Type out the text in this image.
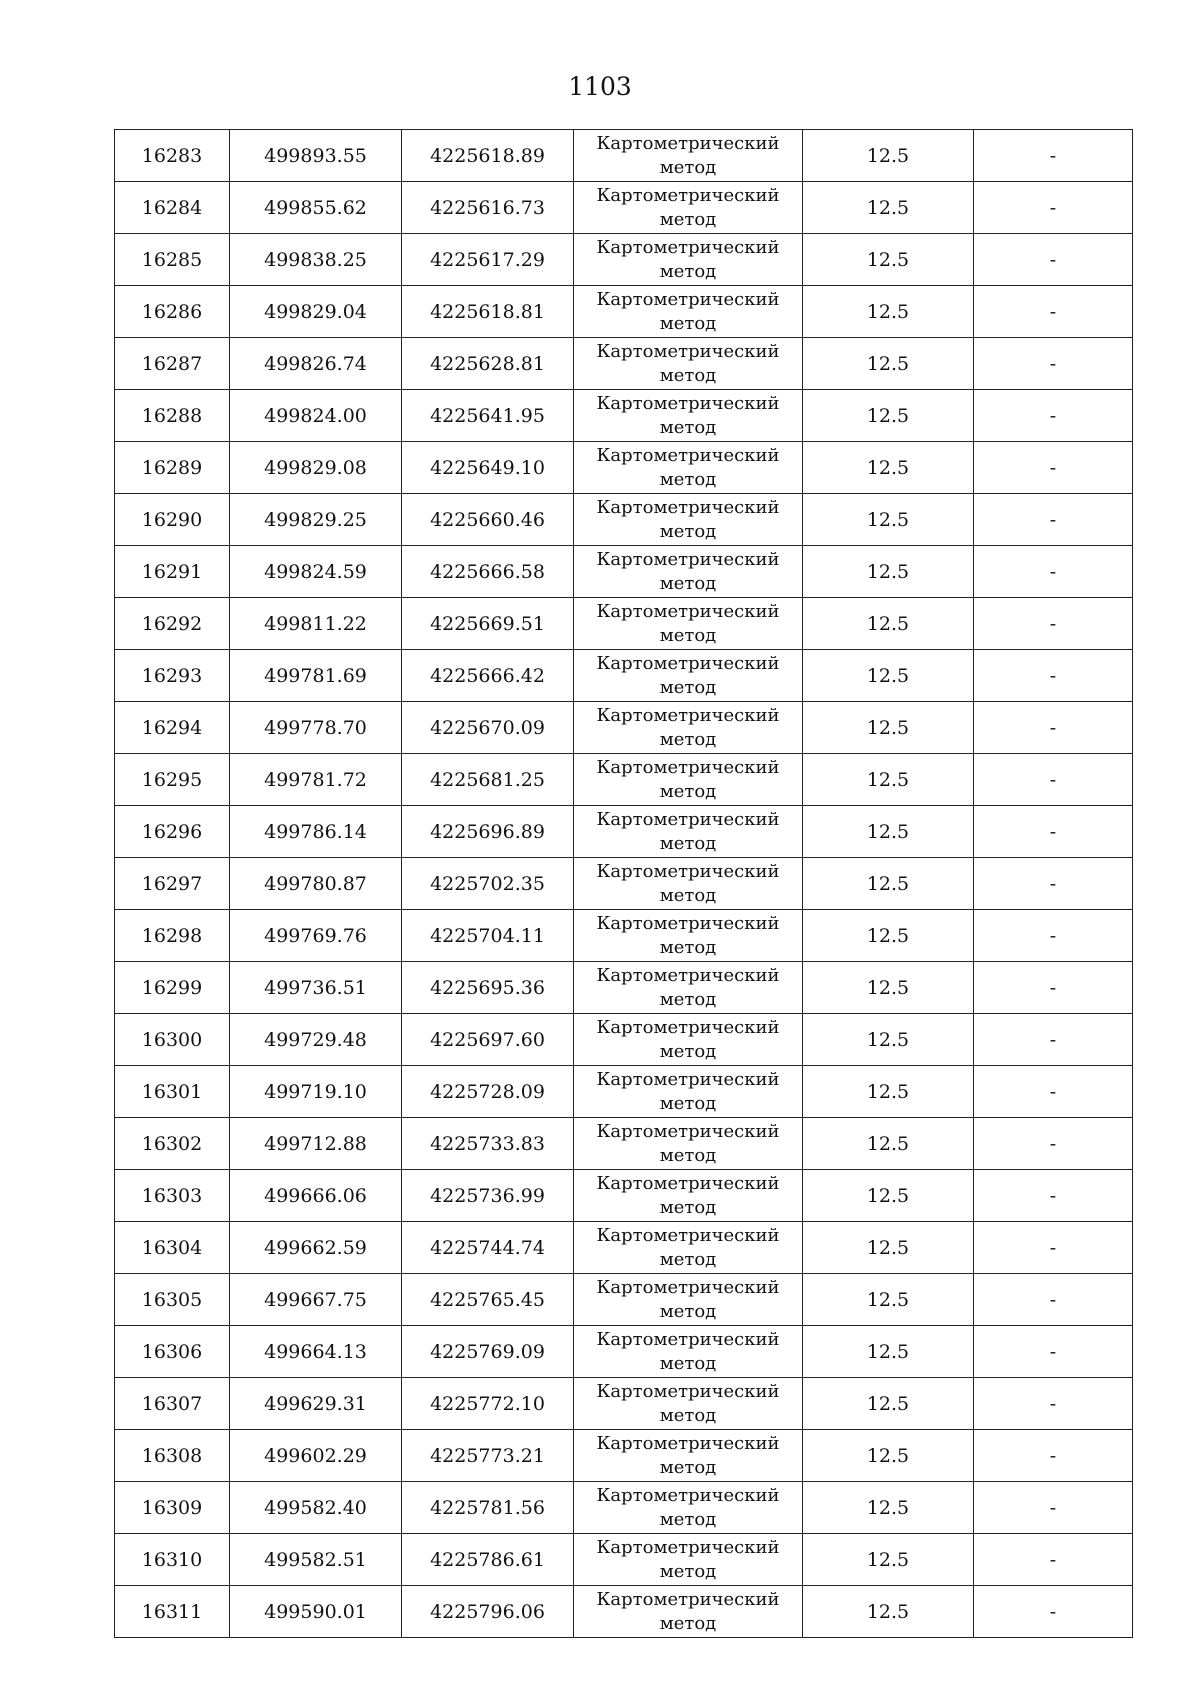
1103
16283	499893.55	4225618.89	Картометрический
метод	12.5	-
16284	499855.62	4225616.73	Картометрический
метод	12.5	-
16285	499838.25	4225617.29	Картометрический
метод	12.5	-
16286	499829.04	4225618.81	Картометрический
метод	12.5	-
16287	499826.74	4225628.81	Картометрический
метод	12.5	-
16288	499824.00	4225641.95	Картометрический
метод	12.5	-
16289	499829.08	4225649.10	Картометрический
метод	12.5	-
16290	499829.25	4225660.46	Картометрический
метод	12.5	-
16291	499824.59	4225666.58	Картометрический
метод	12.5	-
16292	499811.22	4225669.51	Картометрический
метод	12.5	-
16293	499781.69	4225666.42	Картометрический
метод	12.5	-
16294	499778.70	4225670.09	Картометрический
метод	12.5	-
16295	499781.72	4225681.25	Картометрический
метод	12.5	-
16296	499786.14	4225696.89	Картометрический
метод	12.5	-
16297	499780.87	4225702.35	Картометрический
метод	12.5	-
16298	499769.76	4225704.11	Картометрический
метод	12.5	-
16299	499736.51	4225695.36	Картометрический
метод	12.5	-
16300	499729.48	4225697.60	Картометрический
метод	12.5	-
16301	499719.10	4225728.09	Картометрический
метод	12.5	-
16302	499712.88	4225733.83	Картометрический
метод	12.5	-
16303	499666.06	4225736.99	Картометрический
метод	12.5	-
16304	499662.59	4225744.74	Картометрический
метод	12.5	-
16305	499667.75	4225765.45	Картометрический
метод	12.5	-
16306	499664.13	4225769.09	Картометрический
метод	12.5	-
16307	499629.31	4225772.10	Картометрический
метод	12.5	-
16308	499602.29	4225773.21	Картометрический
метод	12.5	-
16309	499582.40	4225781.56	Картометрический
метод	12.5	-
16310	499582.51	4225786.61	Картометрический
метод	12.5	-
16311	499590.01	4225796.06	Картометрический
метод	12.5	-
